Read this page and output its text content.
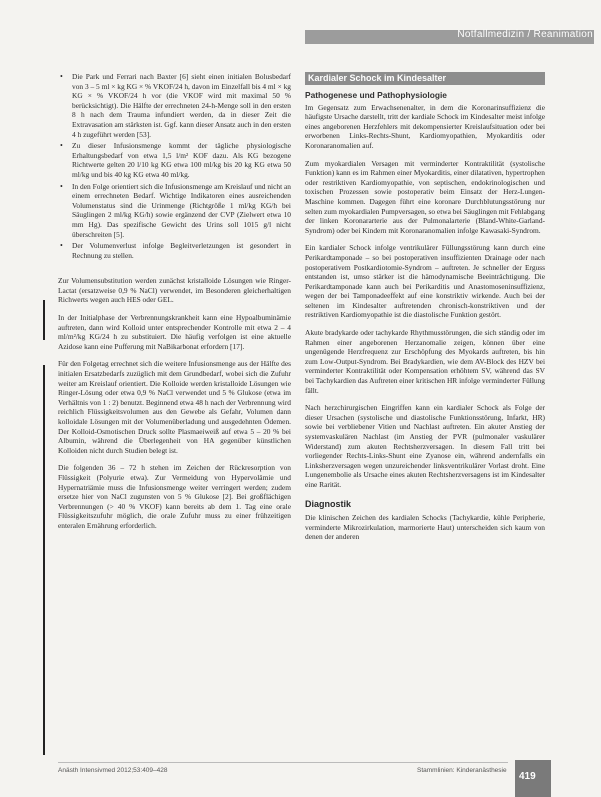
Notfallmedizin / Reanimation
• Die Park und Ferrari nach Baxter [6] sieht einen initialen Bolusbedarf von 3 – 5 ml × kg KG × % VKOF/24 h, davon im Einzelfall bis 4 ml × kg KG × % VKOF/24 h vor (die VKOF wird mit maximal 50 % berücksichtigt). Die Hälfte der errechneten 24-h-Menge soll in den ersten 8 h nach dem Trauma infundiert werden, da in dieser Zeit die Extravasation am stärksten ist. Ggf. kann dieser Ansatz auch in den ersten 4 h zugeführt werden [53].
• Zu dieser Infusionsmenge kommt der tägliche physiologische Erhaltungsbedarf von etwa 1,5 l/m² KOF dazu. Als KG bezogene Richtwerte gelten 20 l/10 kg KG etwa 100 ml/kg bis 20 kg KG etwa 50 ml/kg und bis 40 kg KG etwa 40 ml/kg.
• In den Folge orientiert sich die Infusionsmenge am Kreislauf und nicht an einem errechneten Bedarf. Wichtige Indikatoren eines ausreichenden Volumenstatus sind die Urinmenge (Richtgröße 1 ml/kg KG/h bei Säuglingen 2 ml/kg KG/h) sowie ergänzend der CVP (Zielwert etwa 10 mm Hg). Das spezifische Gewicht des Urins soll 1015 g/l nicht überschreiten [5].
• Der Volumenverlust infolge Begleitverletzungen ist gesondert in Rechnung zu stellen.

Zur Volumensubstitution werden zunächst kristalloide Lösungen wie Ringer-Lactat (ersatzweise 0,9 % NaCl) verwendet, im Besonderen gleicherhaltigen Richwerts wegen auch HES oder GEL.

In der Initialphase der Verbrennungskrankheit kann eine Hypoalbuminämie auftreten, dann wird Kolloid unter entsprechender Kontrolle mit etwa 2 – 4 ml/m²/kg KG/24 h zu substituiert. Die häufig verfolgen ist eine aktuelle Azidose kann eine Pufferung mit NaBikarbonat erfordern [17].

Für den Folgetag errechnet sich die weitere Infusionsmenge aus der Hälfte des initialen Ersatzbedarfs zuzüglich mit dem Grundbedarf, wobei sich die Zufuhr weiter am Kreislauf orientiert. Die Kolloide werden kristalloide Lösungen wie Ringer-Lösung oder etwa 0,9 % NaCl verwendet und 5 % Glukose (etwa im Verhältnis von 1 : 2) benutzt. Beginnend etwa 48 h nach der Verbrennung wird reichlich Flüssigkeitsvolumen aus den Gewebe als Gefahr, Volumen dann kolloidale Lösungen mit der Volumenüberladung und ausgedehnten Ödemen. Der Kolloid-Osmotischen Druck sollte Plasmaeiweiß auf etwa 5 – 20 % bei Albumin, während die Überlegenheit von HA gegenüber künstlichen Kolloiden nicht durch Studien belegt ist.

Die folgenden 36 – 72 h stehen im Zeichen der Rückresorption von Flüssigkeit (Polyurie etwa). Zur Vermeidung von Hypervolämie und Hypernatriämie muss die Infusionsmenge weiter verringert werden; zudem ersetze hier von NaCl zugunsten von 5 % Glukose [2]. Bei großflächigen Verbrennungen (> 40 % VKOF) kann bereits ab dem 1. Tag eine orale Flüssigkeitszufuhr möglich, die orale Zufuhr muss zu einer frühzeitigen enteralen Ernährung erforderlich.

Kardialer Schock im Kindesalter
Pathogenese und Pathophysiologie

Im Gegensatz zum Erwachsenenalter, in dem die Koronarinsuffizienz die häufigste Ursache darstellt, tritt der kardiale Schock im Kindesalter meist infolge eines angeborenen Herzfehlers mit dekompensierter Kreislaufsituation oder bei erworbenen Links-Rechts-Shunt, Kardiomyopathien, Myokarditis oder Koronaranomalien auf.

Zum myokardialen Versagen mit verminderter Kontraktilität (systolische Funktion) kann es im Rahmen einer Myokarditis, einer dilatativen, hypertrophen oder restriktiven Kardiomyopathie, von septischen, endokrinologischen und toxischen Prozessen sowie postoperativ beim Einsatz der Herz-Lungen-Maschine kommen. Dagegen führt eine koronare Durchblutungsstörung nur selten zum myokardialen Pumpversagen, so etwa bei Säuglingen mit Fehlabgang der linken Koronararterie aus der Pulmonalarterie (Bland-White-Garland-Syndrom) oder bei Kindern mit Koronaranomalien infolge Kawasaki-Syndrom.

Ein kardialer Schock infolge ventrikulärer Füllungsstörung kann durch eine Perikardtamponade – so bei postoperativen insuffizienten Drainage oder nach postoperativem Postkardiotomie-Syndrom – auftreten. Je schneller der Erguss entstanden ist, umso stärker ist die hämodynamische Beeinträchtigung. Die Perikardtamponade kann auch bei Perikarditis und Anastomoseninsuffizienz, wegen der bei Tamponadeeffekt auf eine konstriktiv wirkende. Auch bei der seltenen im Kindesalter auftretenden chronisch-konstriktiven und der restriktiven Kardiomyopathie ist die diastolische Funktion gestört.

Akute bradykarde oder tachykarde Rhythmusstörungen, die sich ständig oder im Rahmen einer angeborenen Herzanomalie zeigen, können über eine ungenügende Herzfrequenz zur Erschöpfung des Myokards auftreten, bis hin zum Low-Output-Syndrom. Bei Bradykardien, wie dem AV-Block des HZV bei verminderter Kontraktilität oder Kompensation erhöhtem SV, während das SV bei Tachykardien das Auftreten einer kritischen HR infolge verminderter Füllung fällt.

Nach herzchirurgischen Eingriffen kann ein kardialer Schock als Folge der dieser Ursachen (systolische und diastolische Funktionsstörung, Infarkt, HR) sowie bei verbliebener Vitien und Nachlast auftreten. Ein akuter Anstieg der systemvaskulären Nachlast (im Anstieg der PVR (pulmonaler vaskulärer Widerstand) zum akuten Rechtsherzversagen. In diesem Fall tritt bei vorliegender Rechts-Links-Shunt eine Zyanose ein, während andernfalls ein Linksherzversagen wegen unzureichender linksventrikulärer Vorlast droht. Eine Lungenembolie als Ursache eines akuten Rechtsherzversagens ist im Kindesalter eine Rarität.

Diagnostik

Die klinischen Zeichen des kardialen Schocks (Tachykardie, kühle Peripherie, verminderte Mikrozirkulation, marmorierte Haut) unterscheiden sich kaum von denen der anderen

Anästh Intensivmed 2012;53:409–428	Stammlinien: Kinderanästhesie
419
